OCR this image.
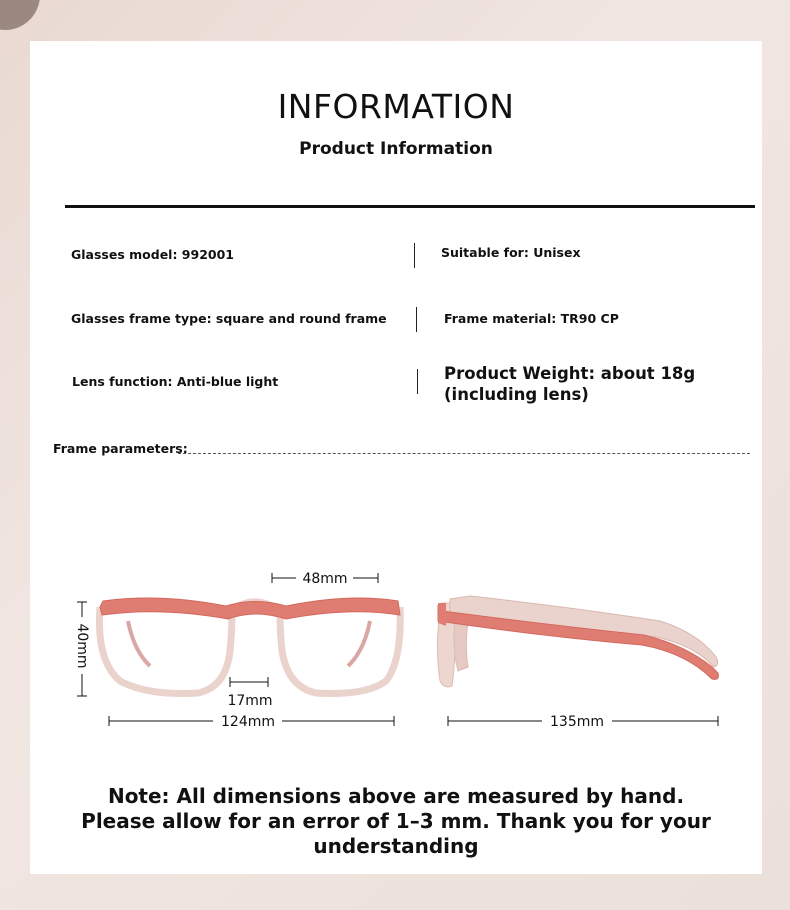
INFORMATION
Product Information
Glasses model: 992001	Suitable for: Unisex
Glasses frame type: square and round frame	Frame material: TR90 CP
Lens function: Anti-blue light	Product Weight: about 18g (including lens)
Frame parameters:
48mm
40mm
17mm
124mm	135mm
Note: All dimensions above are measured by hand. Please allow for an error of 1–3 mm. Thank you for your understanding
